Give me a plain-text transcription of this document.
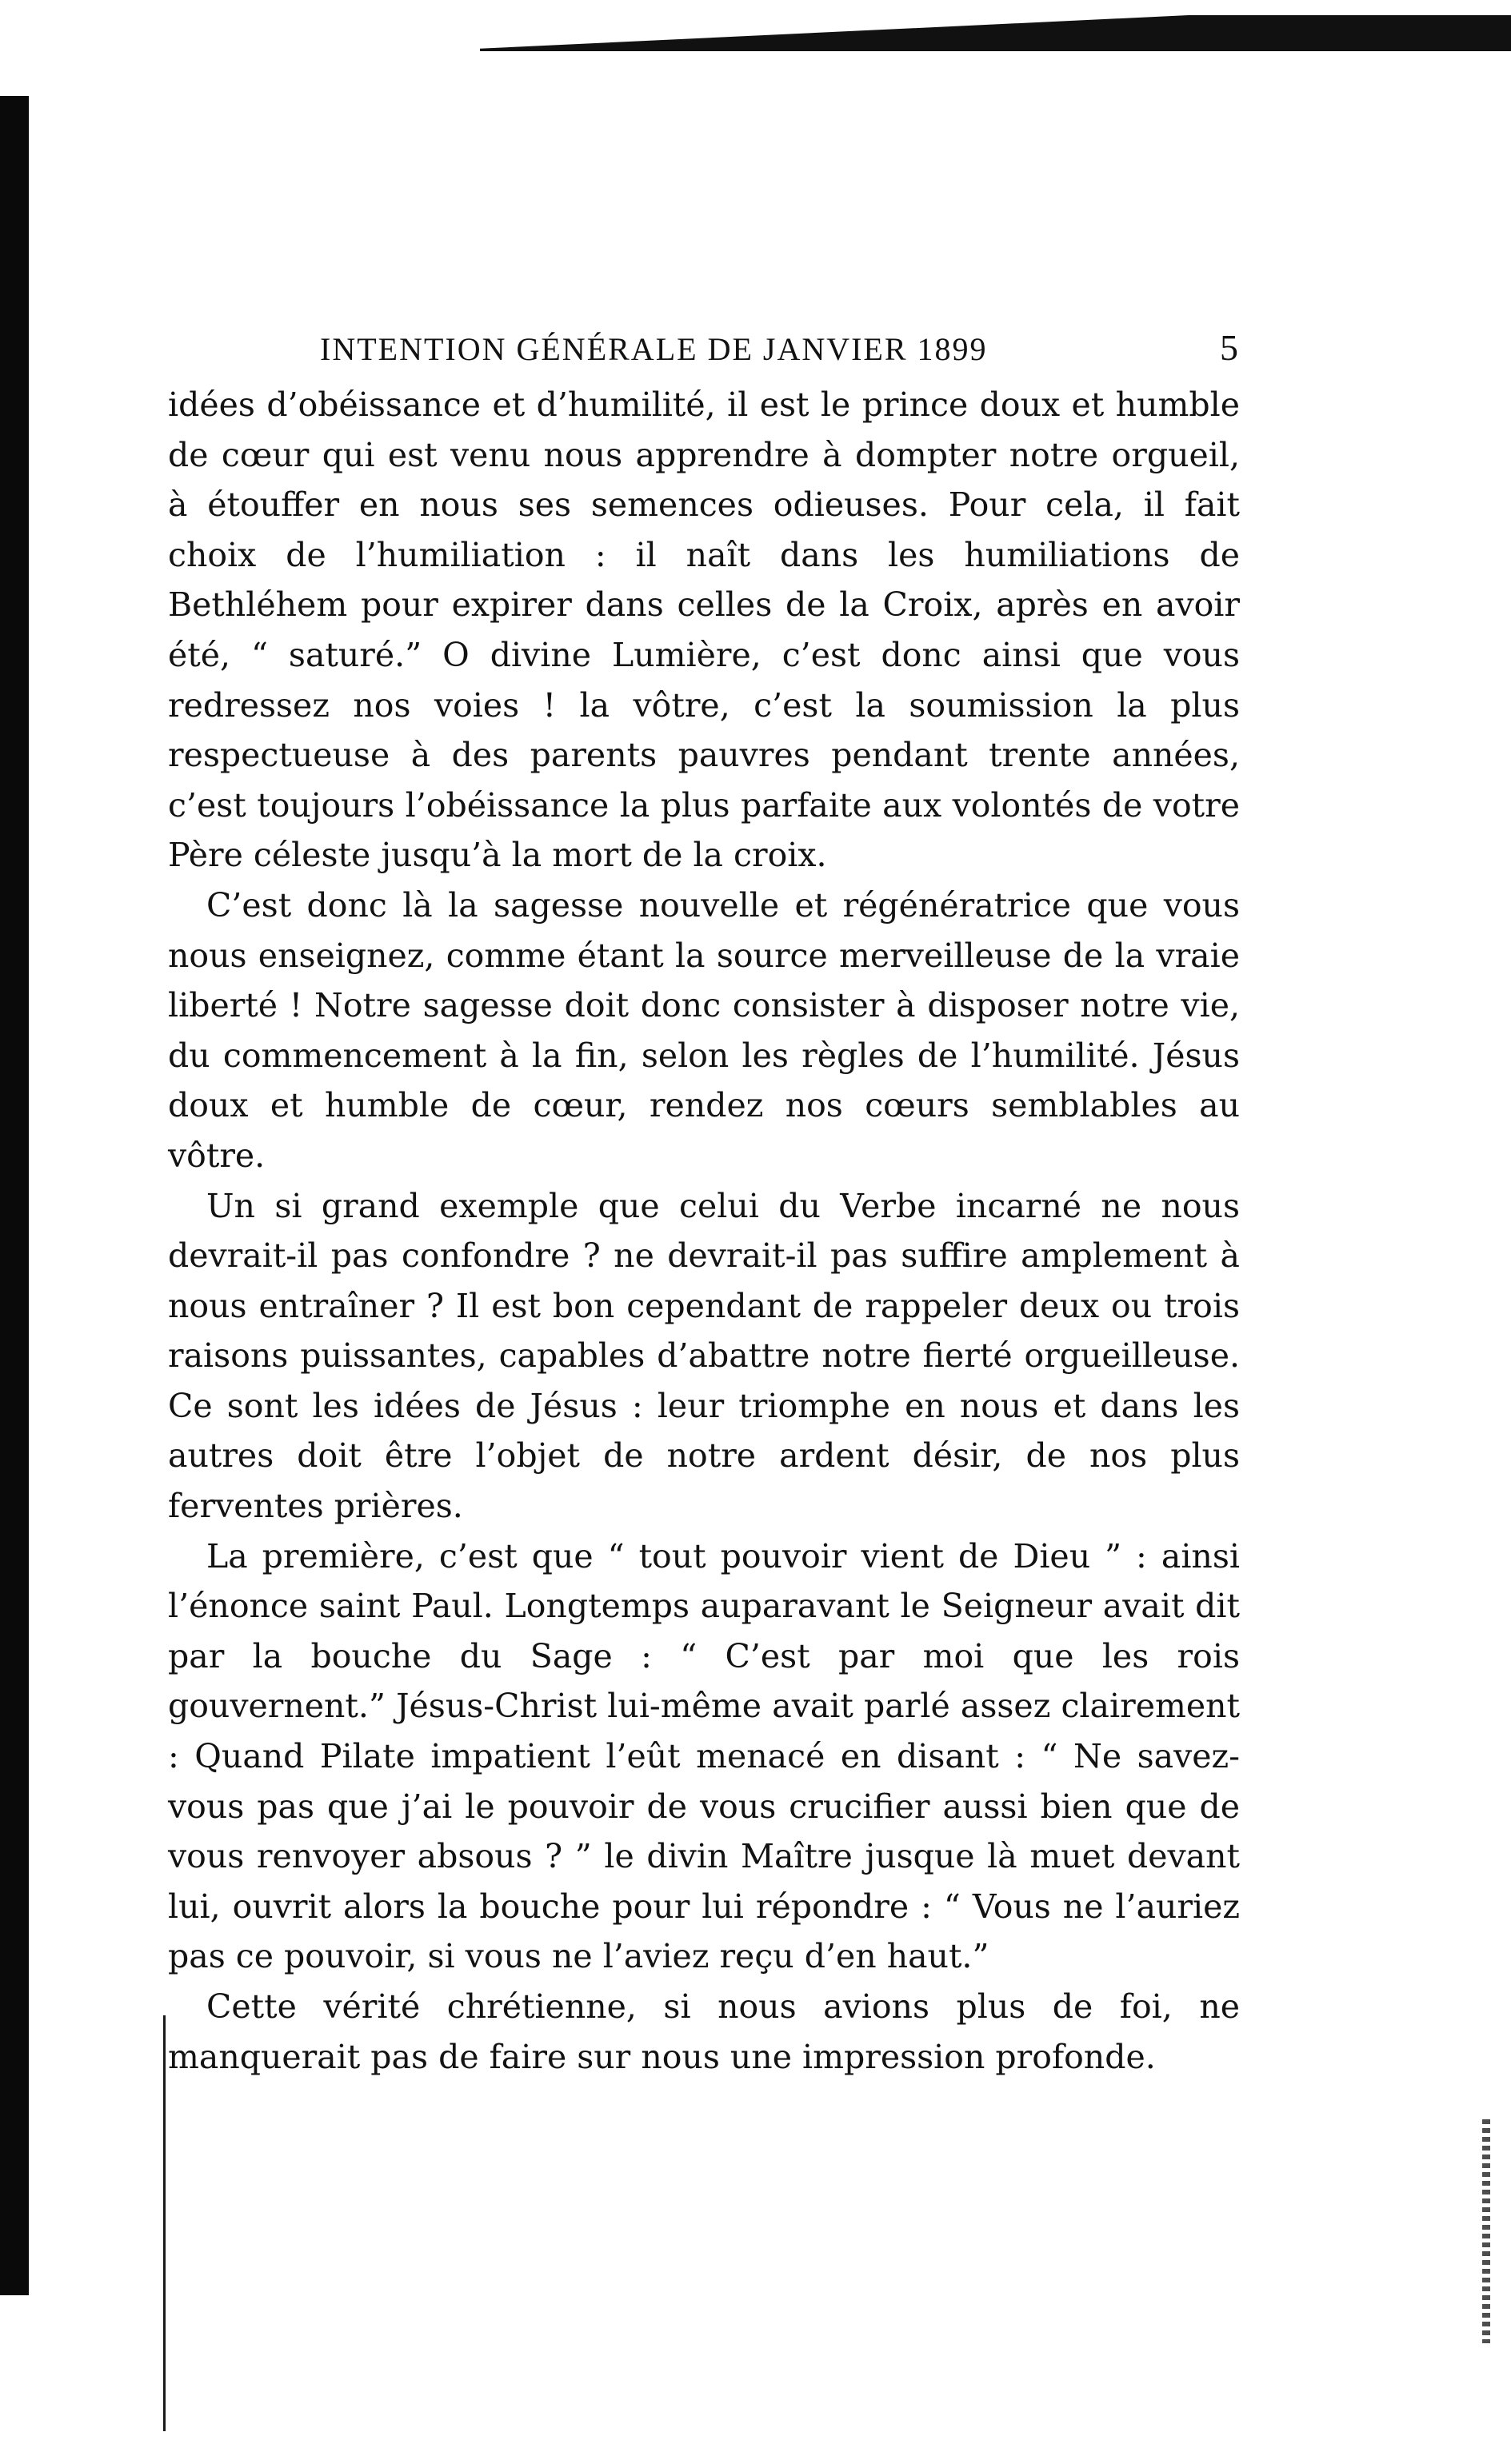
INTENTION GÉNÉRALE DE JANVIER 1899	5

idées d’obéissance et d’humilité, il est le prince doux et humble de cœur qui est venu nous apprendre à dompter notre orgueil, à étouffer en nous ses semences odieuses. Pour cela, il fait choix de l’humiliation : il naît dans les humiliations de Bethléhem pour expirer dans celles de la Croix, après en avoir été, “ saturé.” O divine Lumière, c’est donc ainsi que vous redressez nos voies ! la vôtre, c’est la soumission la plus respectueuse à des parents pauvres pendant trente années, c’est toujours l’obéissance la plus parfaite aux volontés de votre Père céleste jusqu’à la mort de la croix.

C’est donc là la sagesse nouvelle et régénératrice que vous nous enseignez, comme étant la source merveilleuse de la vraie liberté ! Notre sagesse doit donc consister à disposer notre vie, du commencement à la fin, selon les règles de l’humilité. Jésus doux et humble de cœur, rendez nos cœurs semblables au vôtre.

Un si grand exemple que celui du Verbe incarné ne nous devrait-il pas confondre ? ne devrait-il pas suffire amplement à nous entraîner ? Il est bon cependant de rappeler deux ou trois raisons puissantes, capables d’abattre notre fierté orgueilleuse. Ce sont les idées de Jésus : leur triomphe en nous et dans les autres doit être l’objet de notre ardent désir, de nos plus ferventes prières.

La première, c’est que “ tout pouvoir vient de Dieu ” : ainsi l’énonce saint Paul. Longtemps auparavant le Seigneur avait dit par la bouche du Sage : “ C’est par moi que les rois gouvernent.” Jésus-Christ lui-même avait parlé assez clairement : Quand Pilate impatient l’eût menacé en disant : “ Ne savez-vous pas que j’ai le pouvoir de vous crucifier aussi bien que de vous renvoyer absous ? ” le divin Maître jusque là muet devant lui, ouvrit alors la bouche pour lui répondre : “ Vous ne l’auriez pas ce pouvoir, si vous ne l’aviez reçu d’en haut.”

Cette vérité chrétienne, si nous avions plus de foi, ne manquerait pas de faire sur nous une impression profonde.
